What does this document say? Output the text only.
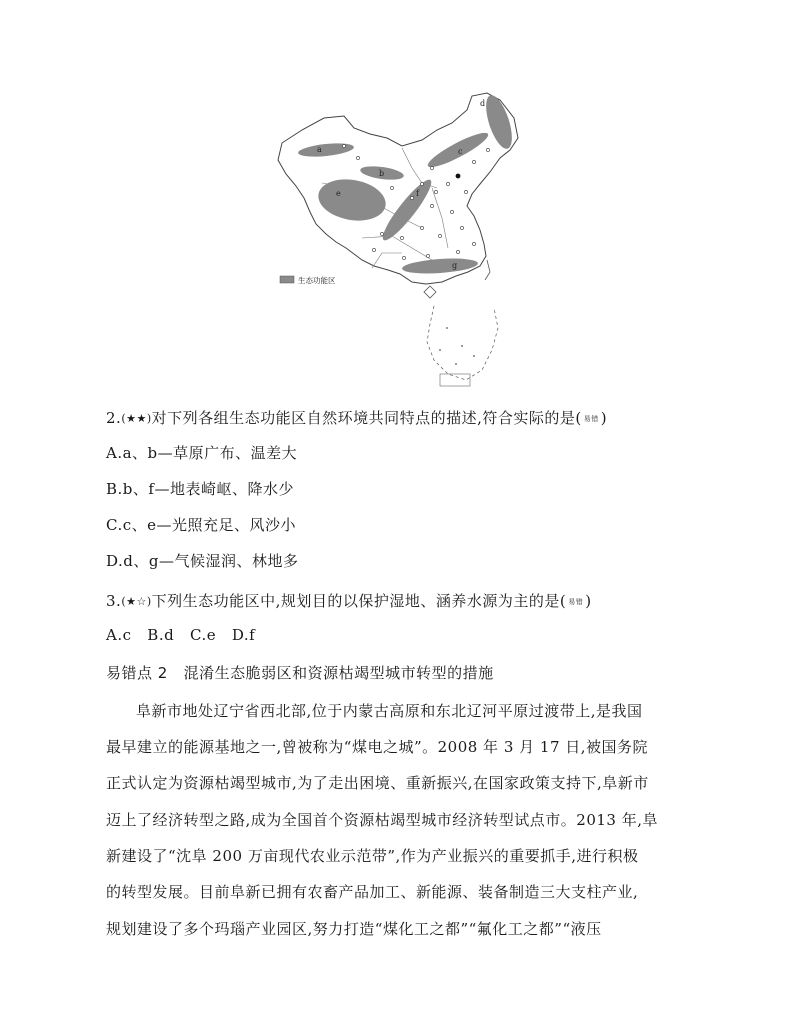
a
b
c
d
e	f
g
生态功能区
2.(★★)对下列各组生态功能区自然环境共同特点的描述,符合实际的是( 易错 )
A.a、b—草原广布、温差大
B.b、f—地表崎岖、降水少
C.c、e—光照充足、风沙小
D.d、g—气候湿润、林地多
3.(★☆)下列生态功能区中,规划目的以保护湿地、涵养水源为主的是( 易错 )
A.c   B.d   C.e   D.f
易错点 2   混淆生态脆弱区和资源枯竭型城市转型的措施
阜新市地处辽宁省西北部,位于内蒙古高原和东北辽河平原过渡带上,是我国
最早建立的能源基地之一,曾被称为“煤电之城”。2008 年 3 月 17 日,被国务院
正式认定为资源枯竭型城市,为了走出困境、重新振兴,在国家政策支持下,阜新市
迈上了经济转型之路,成为全国首个资源枯竭型城市经济转型试点市。2013 年,阜
新建设了“沈阜 200 万亩现代农业示范带”,作为产业振兴的重要抓手,进行积极
的转型发展。目前阜新已拥有农畜产品加工、新能源、装备制造三大支柱产业,
规划建设了多个玛瑙产业园区,努力打造“煤化工之都”“氟化工之都”“液压
